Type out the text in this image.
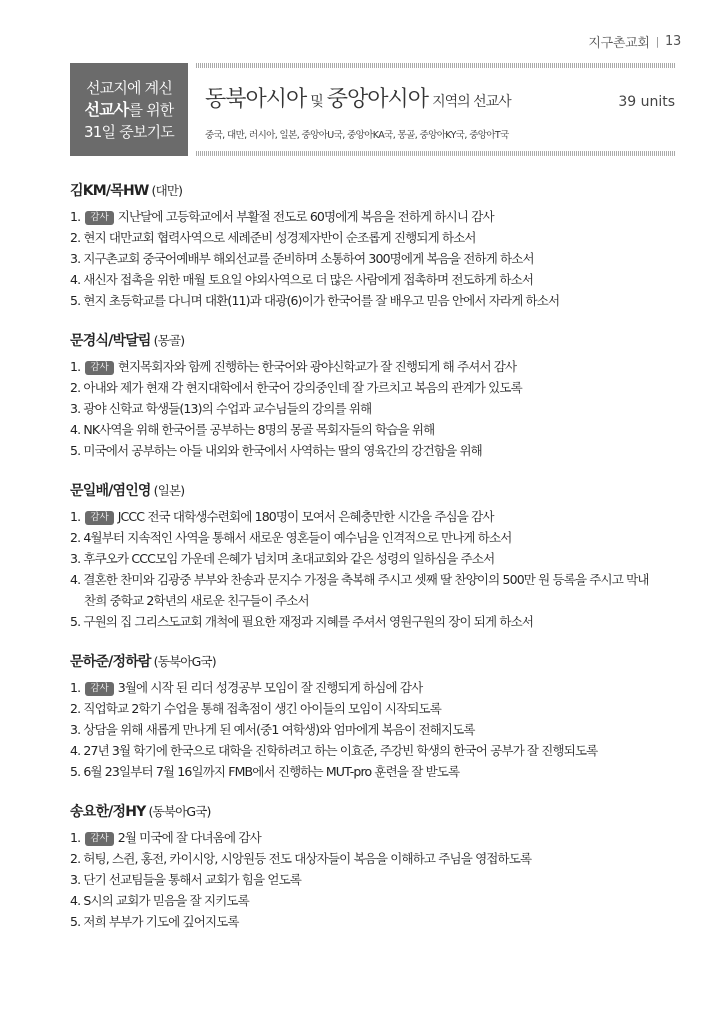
지구촌교회 | 13
선교지에 계신
선교사를 위한
31일 중보기도
동북아시아 및 중앙아시아 지역의 선교사	39 units
중국, 대만, 러시아, 일본, 중앙아U국, 중앙아KA국, 몽골, 중앙아KY국, 중앙아T국
김KM/목HW (대만)
1. 감사 지난달에 고등학교에서 부활절 전도로 60명에게 복음을 전하게 하시니 감사
2. 현지 대만교회 협력사역으로 세례준비 성경제자반이 순조롭게 진행되게 하소서
3. 지구촌교회 중국어예배부 해외선교를 준비하며 소통하여 300명에게 복음을 전하게 하소서
4. 새신자 접촉을 위한 매월 토요일 야외사역으로 더 많은 사람에게 접촉하며 전도하게 하소서
5. 현지 초등학교를 다니며 대환(11)과 대광(6)이가 한국어를 잘 배우고 믿음 안에서 자라게 하소서
문경식/박달림 (몽골)
1. 감사 현지목회자와 함께 진행하는 한국어와 광야신학교가 잘 진행되게 해 주셔서 감사
2. 아내와 제가 현재 각 현지대학에서 한국어 강의중인데 잘 가르치고 복음의 관계가 있도록
3. 광야 신학교 학생들(13)의 수업과 교수님들의 강의를 위해
4. NK사역을 위해 한국어를 공부하는 8명의 몽골 목회자들의 학습을 위해
5. 미국에서 공부하는 아들 내외와 한국에서 사역하는 딸의 영육간의 강건함을 위해
문일배/염인영 (일본)
1. 감사 JCCC 전국 대학생수련회에 180명이 모여서 은혜충만한 시간을 주심을 감사
2. 4월부터 지속적인 사역을 통해서 새로운 영혼들이 예수님을 인격적으로 만나게 하소서
3. 후쿠오카 CCC모임 가운데 은혜가 넘치며 초대교회와 같은 성령의 일하심을 주소서
4. 결혼한 찬미와 김광중 부부와 찬송과 문지수 가정을 축복해 주시고 셋째 딸 찬양이의 500만 원 등록을 주시고 막내
찬희 중학교 2학년의 새로운 친구들이 주소서
5. 구원의 집 그리스도교회 개척에 필요한 재정과 지혜를 주셔서 영원구원의 장이 되게 하소서
문하준/정하람 (동북아G국)
1. 감사 3월에 시작 된 리더 성경공부 모임이 잘 진행되게 하심에 감사
2. 직업학교 2학기 수업을 통해 접촉점이 생긴 아이들의 모임이 시작되도록
3. 상담을 위해 새롭게 만나게 된 예서(중1 여학생)와 엄마에게 복음이 전해지도록
4. 27년 3월 학기에 한국으로 대학을 진학하려고 하는 이효준, 주강빈 학생의 한국어 공부가 잘 진행되도록
5. 6월 23일부터 7월 16일까지 FMB에서 진행하는 MUT-pro 훈련을 잘 받도록
송요한/정HY (동북아G국)
1. 감사 2월 미국에 잘 다녀옴에 감사
2. 허팅, 스쥔, 홍전, 카이시앙, 시앙원등 전도 대상자들이 복음을 이해하고 주님을 영접하도록
3. 단기 선교팀들을 통해서 교회가 힘을 얻도록
4. S시의 교회가 믿음을 잘 지키도록
5. 저희 부부가 기도에 깊어지도록
